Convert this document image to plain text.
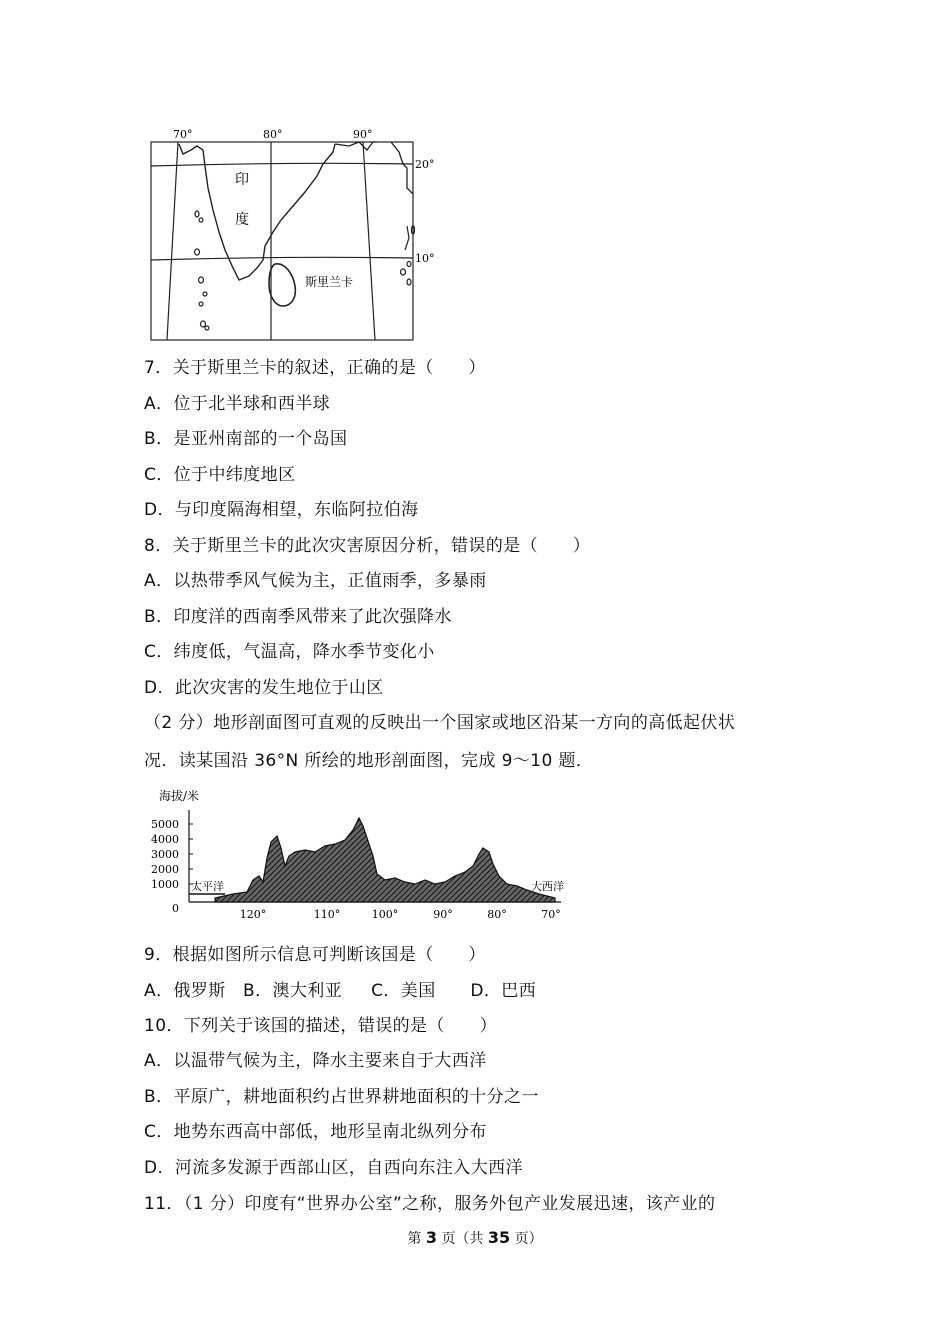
70°	80°	90°
20°
10°
印
度
斯里兰卡
7．关于斯里兰卡的叙述，正确的是（　　）
A．位于北半球和西半球
B．是亚州南部的一个岛国
C．位于中纬度地区
D．与印度隔海相望，东临阿拉伯海
8．关于斯里兰卡的此次灾害原因分析，错误的是（　　）
A．以热带季风气候为主，正值雨季，多暴雨
B．印度洋的西南季风带来了此次强降水
C．纬度低，气温高，降水季节变化小
D．此次灾害的发生地位于山区
（2 分）地形剖面图可直观的反映出一个国家或地区沿某一方向的高低起伏状
况．读某国沿 36°N 所绘的地形剖面图，完成 9～10 题．
海拔/米
5000
4000
3000
2000
1000
0
太平洋	大西洋
120°	110°	100°	90°	80°	70°
9．根据如图所示信息可判断该国是（　　）
A．俄罗斯   B．澳大利亚     C．美国      D．巴西
10．下列关于该国的描述，错误的是（　　）
A．以温带气候为主，降水主要来自于大西洋
B．平原广，耕地面积约占世界耕地面积的十分之一
C．地势东西高中部低，地形呈南北纵列分布
D．河流多发源于西部山区，自西向东注入大西洋
11．（1 分）印度有“世界办公室”之称，服务外包产业发展迅速，该产业的
第 3 页（共 35 页）
